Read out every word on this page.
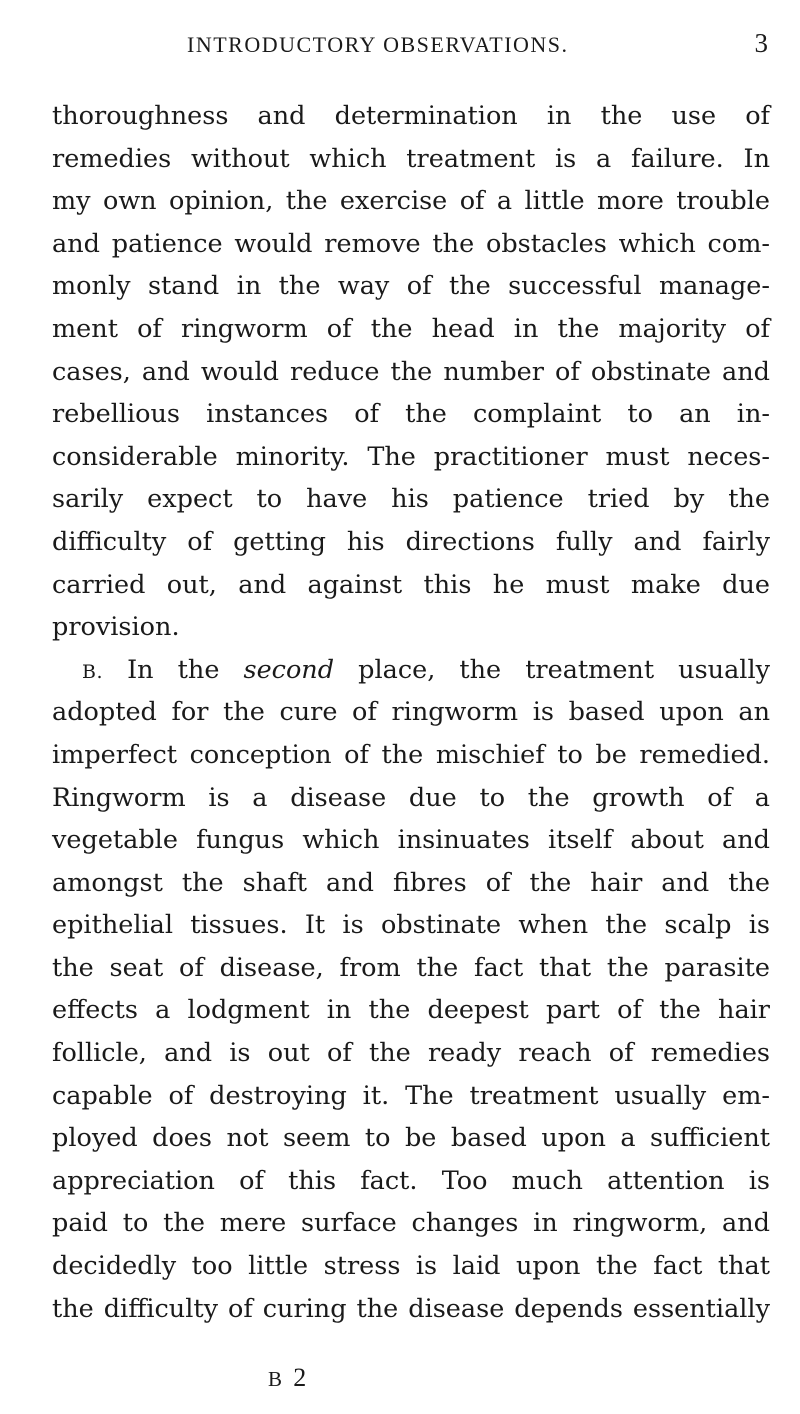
INTRODUCTORY OBSERVATIONS.	3
thoroughness and determination in the use of
remedies without which treatment is a failure. In
my own opinion, the exercise of a little more trouble
and patience would remove the obstacles which com-
monly stand in the way of the successful manage-
ment of ringworm of the head in the majority of
cases, and would reduce the number of obstinate and
rebellious instances of the complaint to an in-
considerable minority. The practitioner must neces-
sarily expect to have his patience tried by the
difficulty of getting his directions fully and fairly
carried out, and against this he must make due
provision.
B. In the second place, the treatment usually
adopted for the cure of ringworm is based upon an
imperfect conception of the mischief to be remedied.
Ringworm is a disease due to the growth of a
vegetable fungus which insinuates itself about and
amongst the shaft and fibres of the hair and the
epithelial tissues. It is obstinate when the scalp is
the seat of disease, from the fact that the parasite
effects a lodgment in the deepest part of the hair
follicle, and is out of the ready reach of remedies
capable of destroying it. The treatment usually em-
ployed does not seem to be based upon a sufficient
appreciation of this fact. Too much attention is
paid to the mere surface changes in ringworm, and
decidedly too little stress is laid upon the fact that
the difficulty of curing the disease depends essentially
B 2
